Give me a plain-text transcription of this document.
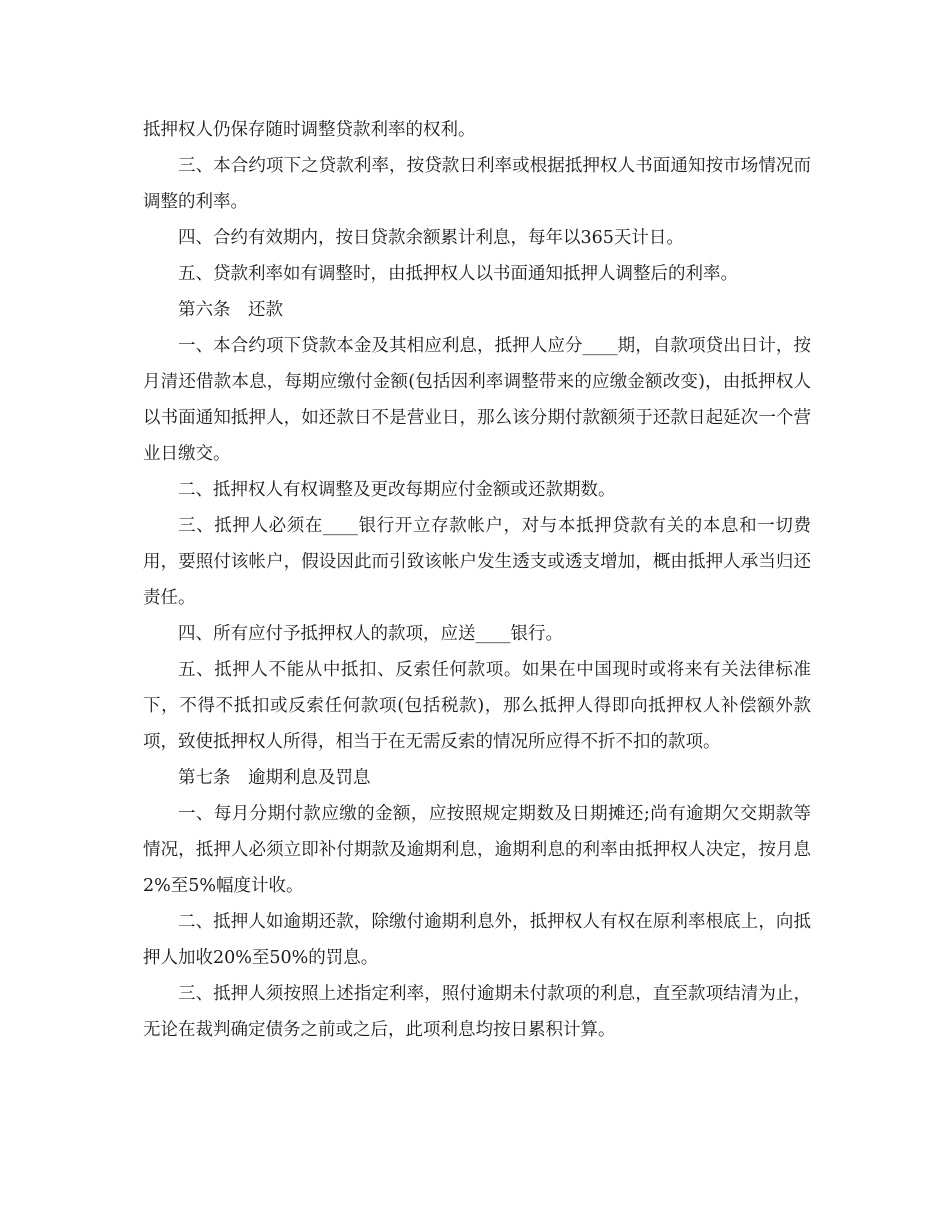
抵押权人仍保存随时调整贷款利率的权利。

三、本合约项下之贷款利率，按贷款日利率或根据抵押权人书面通知按市场情况而调整的利率。

四、合约有效期内，按日贷款余额累计利息，每年以365天计日。

五、贷款利率如有调整时，由抵押权人以书面通知抵押人调整后的利率。

第六条　还款

一、本合约项下贷款本金及其相应利息，抵押人应分____期，自款项贷出日计，按月清还借款本息，每期应缴付金额(包括因利率调整带来的应缴金额改变)，由抵押权人以书面通知抵押人，如还款日不是营业日，那么该分期付款额须于还款日起延次一个营业日缴交。

二、抵押权人有权调整及更改每期应付金额或还款期数。

三、抵押人必须在____银行开立存款帐户，对与本抵押贷款有关的本息和一切费用，要照付该帐户，假设因此而引致该帐户发生透支或透支增加，概由抵押人承当归还责任。

四、所有应付予抵押权人的款项，应送____银行。

五、抵押人不能从中抵扣、反索任何款项。如果在中国现时或将来有关法律标准下，不得不抵扣或反索任何款项(包括税款)，那么抵押人得即向抵押权人补偿额外款项，致使抵押权人所得，相当于在无需反索的情况所应得不折不扣的款项。

第七条　逾期利息及罚息

一、每月分期付款应缴的金额，应按照规定期数及日期摊还;尚有逾期欠交期款等情况，抵押人必须立即补付期款及逾期利息，逾期利息的利率由抵押权人决定，按月息2%至5%幅度计收。

二、抵押人如逾期还款，除缴付逾期利息外，抵押权人有权在原利率根底上，向抵押人加收20%至50%的罚息。

三、抵押人须按照上述指定利率，照付逾期未付款项的利息，直至款项结清为止，无论在裁判确定债务之前或之后，此项利息均按日累积计算。
